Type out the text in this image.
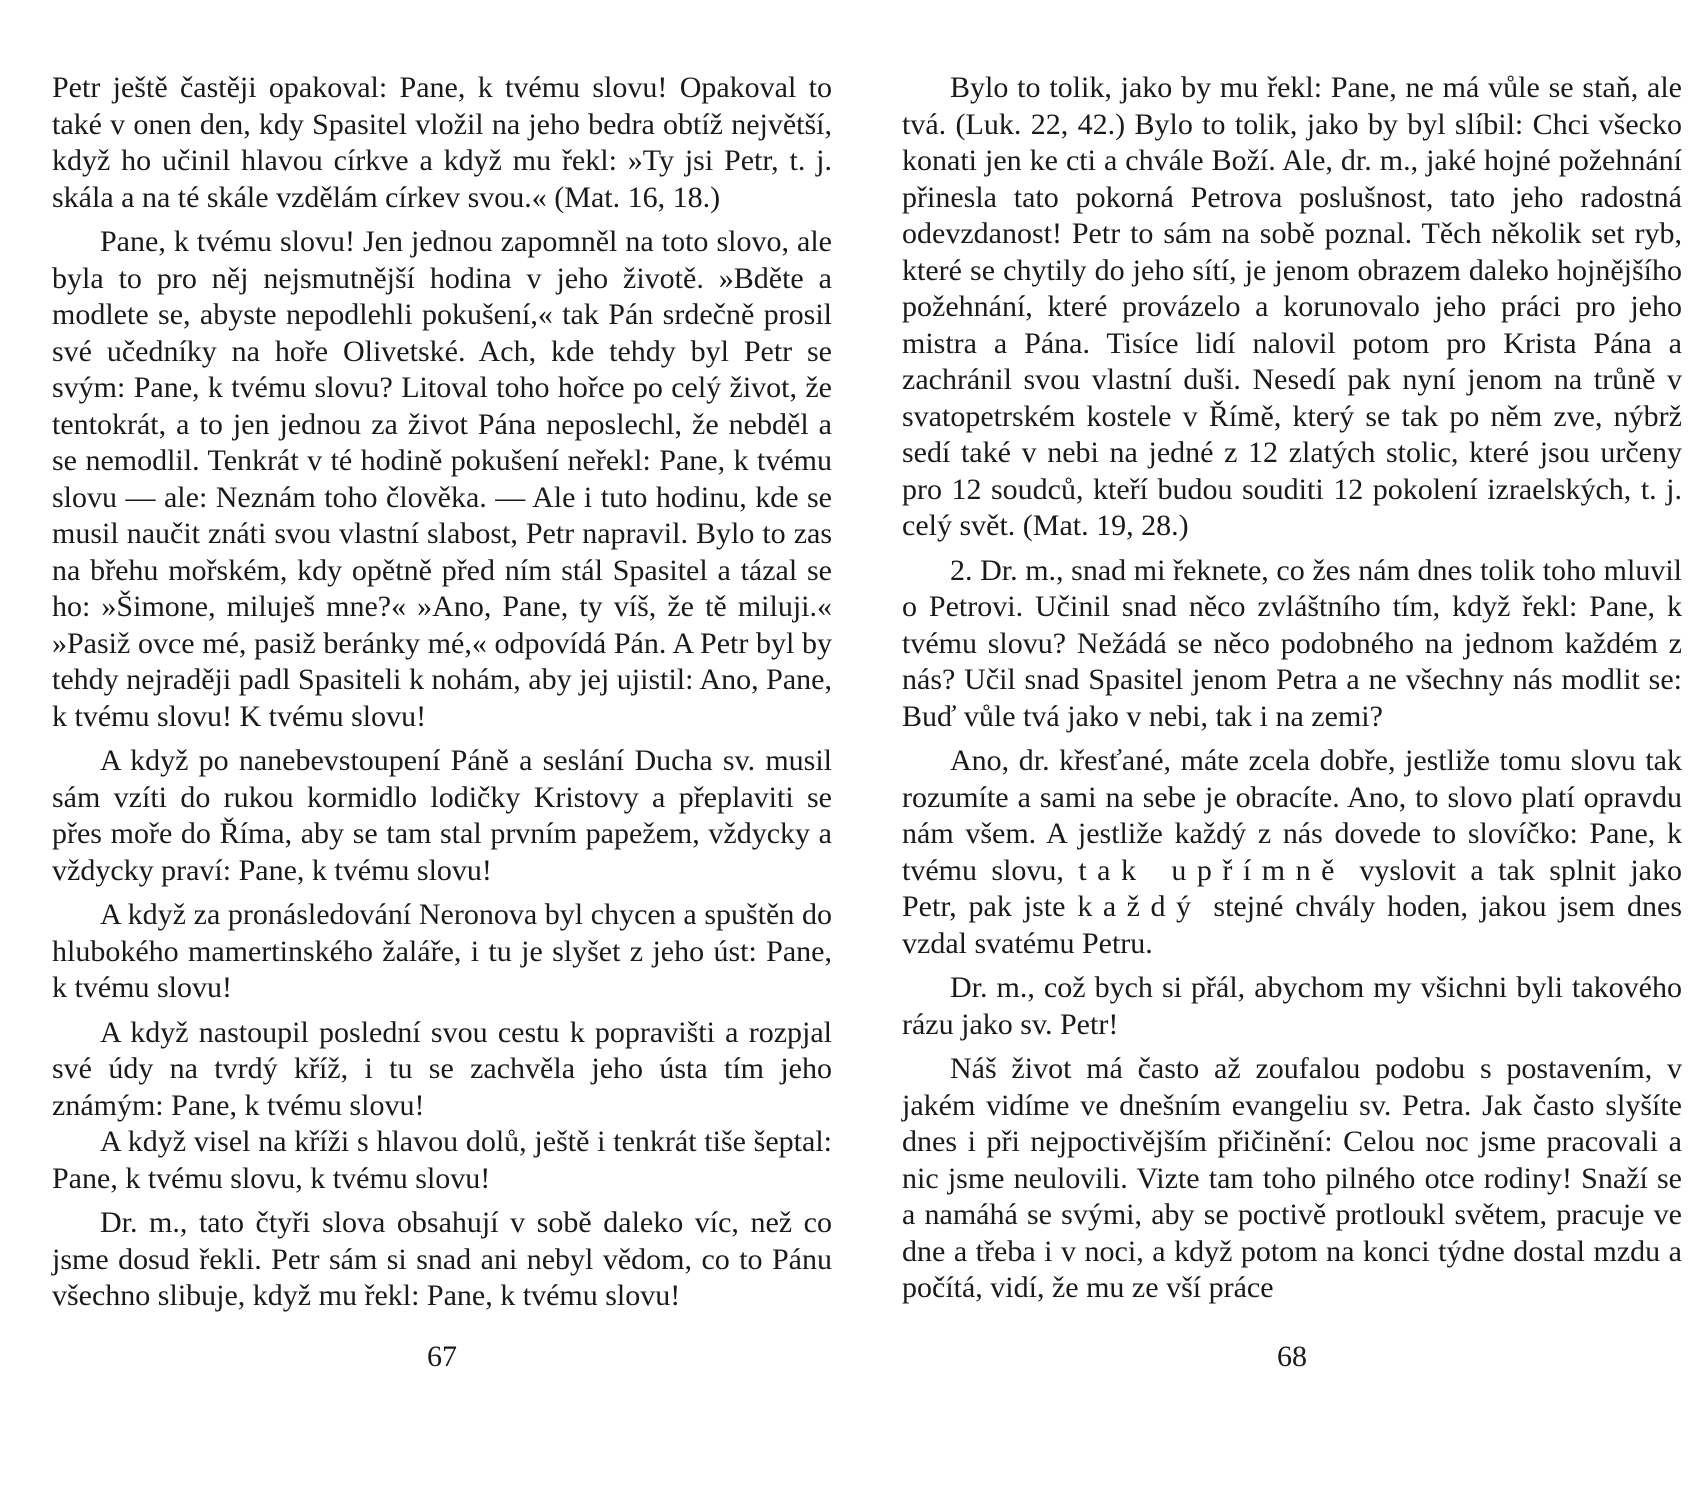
Petr ještě častěji opakoval: Pane, k tvému slovu! Opakoval to také v onen den, kdy Spasitel vložil na jeho bedra obtíž největší, když ho učinil hlavou církve a když mu řekl: »Ty jsi Petr, t. j. skála a na té skále vzdělám církev svou.« (Mat. 16, 18.)

Pane, k tvému slovu! Jen jednou zapomněl na toto slovo, ale byla to pro něj nejsmutnější hodina v jeho životě. »Bděte a modlete se, abyste nepodlehli pokušení,« tak Pán srdečně prosil své učedníky na hoře Olivetské. Ach, kde tehdy byl Petr se svým: Pane, k tvému slovu? Litoval toho hořce po celý život, že tentokrát, a to jen jednou za život Pána neposlechl, že nebděl a se nemodlil. Tenkrát v té hodině pokušení neřekl: Pane, k tvému slovu — ale: Neznám toho člověka. — Ale i tuto hodinu, kde se musil naučit znáti svou vlastní slabost, Petr napravil. Bylo to zas na břehu mořském, kdy opětně před ním stál Spasitel a tázal se ho: »Šimone, miluješ mne?« »Ano, Pane, ty víš, že tě miluji.« »Pasiž ovce mé, pasiž beránky mé,« odpovídá Pán. A Petr byl by tehdy nejraději padl Spasiteli k nohám, aby jej ujistil: Ano, Pane, k tvému slovu! K tvému slovu!

A když po nanebevstoupení Páně a seslání Ducha sv. musil sám vzíti do rukou kormidlo lodičky Kristovy a přeplaviti se přes moře do Říma, aby se tam stal prvním papežem, vždycky a vždycky praví: Pane, k tvému slovu!

A když za pronásledování Neronova byl chycen a spuštěn do hlubokého mamertinského žaláře, i tu je slyšet z jeho úst: Pane, k tvému slovu!

A když nastoupil poslední svou cestu k popravišti a rozpjal své údy na tvrdý kříž, i tu se zachvěla jeho ústa tím jeho známým: Pane, k tvému slovu!

A když visel na kříži s hlavou dolů, ještě i tenkrát tiše šeptal: Pane, k tvému slovu, k tvému slovu!

Dr. m., tato čtyři slova obsahují v sobě daleko víc, než co jsme dosud řekli. Petr sám si snad ani nebyl vědom, co to Pánu všechno slibuje, když mu řekl: Pane, k tvému slovu!

67

Bylo to tolik, jako by mu řekl: Pane, ne má vůle se staň, ale tvá. (Luk. 22, 42.) Bylo to tolik, jako by byl slíbil: Chci všecko konati jen ke cti a chvále Boží. Ale, dr. m., jaké hojné požehnání přinesla tato pokorná Petrova poslušnost, tato jeho radostná odevzdanost! Petr to sám na sobě poznal. Těch několik set ryb, které se chytily do jeho sítí, je jenom obrazem daleko hojnějšího požehnání, které provázelo a korunovalo jeho práci pro jeho mistra a Pána. Tisíce lidí nalovil potom pro Krista Pána a zachránil svou vlastní duši. Nesedí pak nyní jenom na trůně v svatopetrském kostele v Římě, který se tak po něm zve, nýbrž sedí také v nebi na jedné z 12 zlatých stolic, které jsou určeny pro 12 soudců, kteří budou souditi 12 pokolení izraelských, t. j. celý svět. (Mat. 19, 28.)

2. Dr. m., snad mi řeknete, co žes nám dnes tolik toho mluvil o Petrovi. Učinil snad něco zvláštního tím, když řekl: Pane, k tvému slovu? Nežádá se něco podobného na jednom každém z nás? Učil snad Spasitel jenom Petra a ne všechny nás modlit se: Buď vůle tvá jako v nebi, tak i na zemi?

Ano, dr. křesťané, máte zcela dobře, jestliže tomu slovu tak rozumíte a sami na sebe je obracíte. Ano, to slovo platí opravdu nám všem. A jestliže každý z nás dovede to slovíčko: Pane, k tvému slovu, tak upřímně vyslovit a tak splnit jako Petr, pak jste každý stejné chvály hoden, jakou jsem dnes vzdal svatému Petru.

Dr. m., což bych si přál, abychom my všichni byli takového rázu jako sv. Petr!

Náš život má často až zoufalou podobu s postavením, v jakém vidíme ve dnešním evangeliu sv. Petra. Jak často slyšíte dnes i při nejpoctivějším přičinění: Celou noc jsme pracovali a nic jsme neulovili. Vizte tam toho pilného otce rodiny! Snaží se a namáhá se svými, aby se poctivě protloukl světem, pracuje ve dne a třeba i v noci, a když potom na konci týdne dostal mzdu a počítá, vidí, že mu ze vší práce

68
